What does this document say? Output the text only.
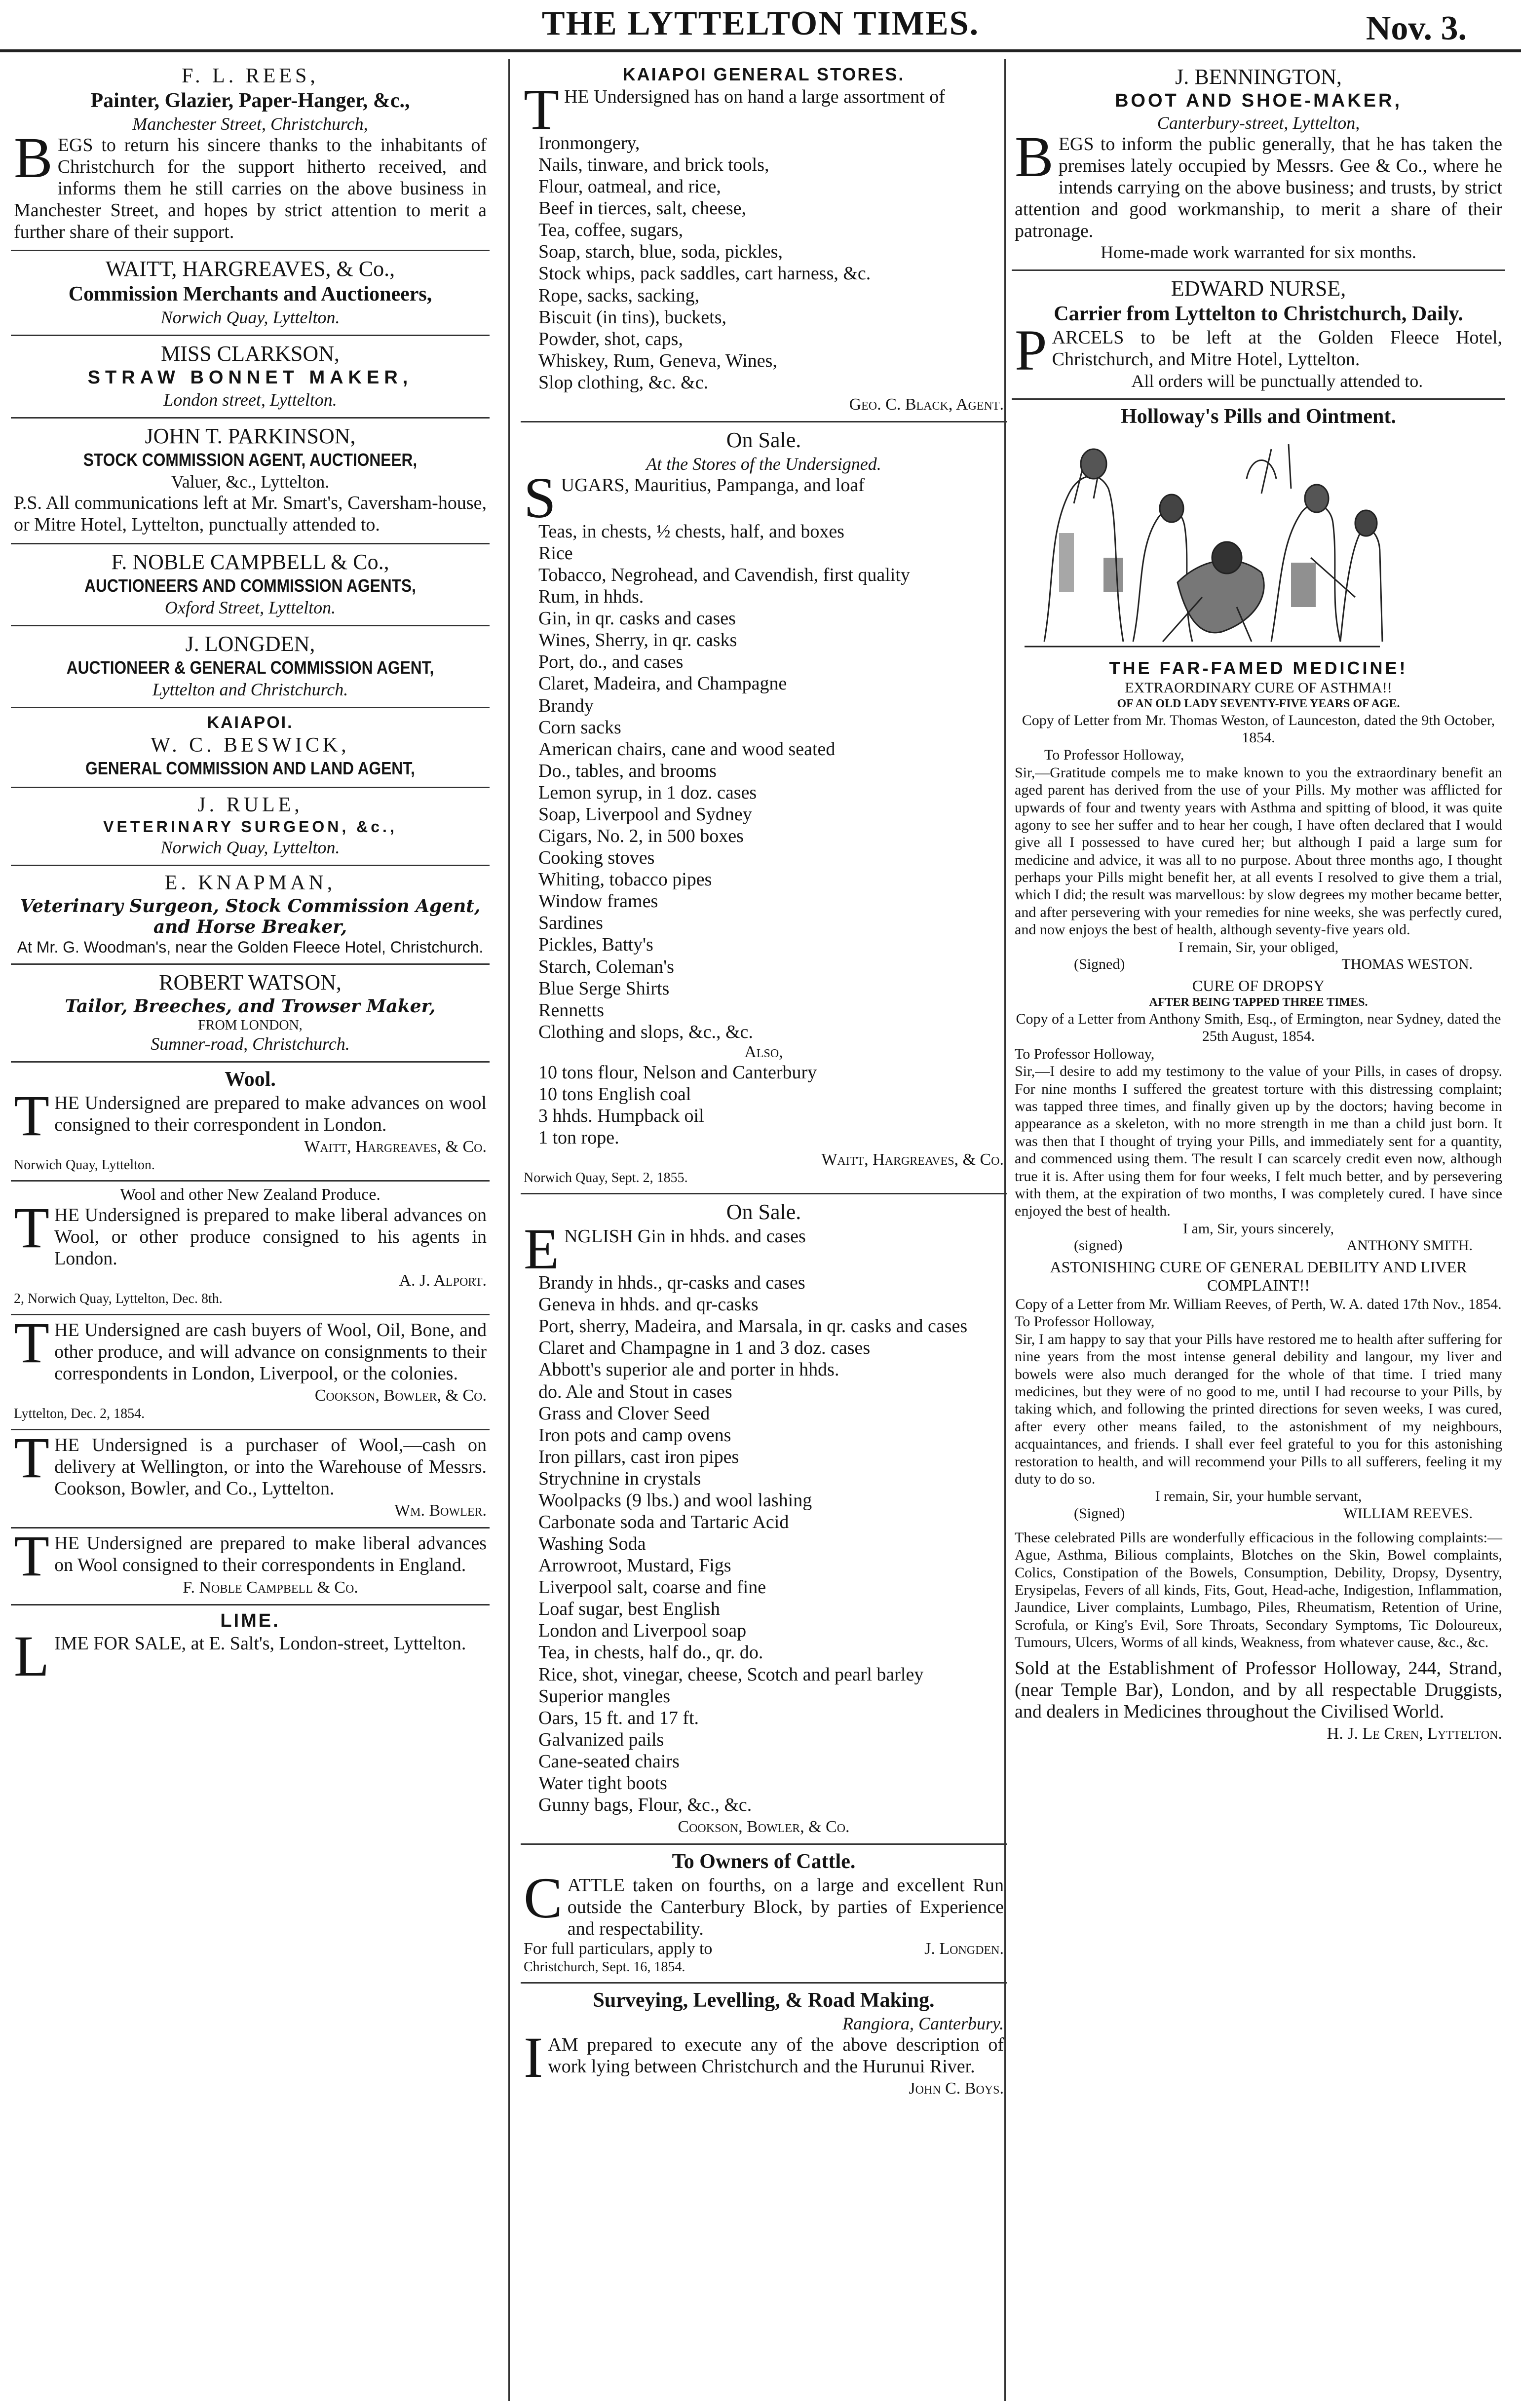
THE LYTTELTON TIMES.	Nov. 3.
F. L. REES,
Painter, Glazier, Paper-Hanger, &c.,
Manchester Street, Christchurch,

BEGS to return his sincere thanks to the inhabitants of Christchurch for the support hitherto received, and informs them he still carries on the above business in Manchester Street, and hopes by strict attention to merit a further share of their support.

WAITT, HARGREAVES, & Co.,
Commission Merchants and Auctioneers,
Norwich Quay, Lyttelton.
MISS CLARKSON,
STRAW BONNET MAKER,
London street, Lyttelton.
JOHN T. PARKINSON,
STOCK COMMISSION AGENT, AUCTIONEER,
Valuer, &c., Lyttelton.

P.S. All communications left at Mr. Smart's, Caversham-house, or Mitre Hotel, Lyttelton, punctually attended to.

F. NOBLE CAMPBELL & Co.,
AUCTIONEERS AND COMMISSION AGENTS,
Oxford Street, Lyttelton.
J. LONGDEN,
AUCTIONEER & GENERAL COMMISSION AGENT,
Lyttelton and Christchurch.
KAIAPOI.
W. C. BESWICK,
GENERAL COMMISSION AND LAND AGENT,
J. RULE,
VETERINARY SURGEON, &c.,
Norwich Quay, Lyttelton.
E. KNAPMAN,
Veterinary Surgeon, Stock Commission Agent, and Horse Breaker,
At Mr. G. Woodman's, near the Golden Fleece Hotel, Christchurch.
ROBERT WATSON,
Tailor, Breeches, and Trowser Maker,
FROM LONDON,
Sumner-road, Christchurch.
Wool.

THE Undersigned are prepared to make advances on wool consigned to their correspondent in London.

Waitt, Hargreaves, & Co.
Norwich Quay, Lyttelton.
Wool and other New Zealand Produce.

THE Undersigned is prepared to make liberal advances on Wool, or other produce consigned to his agents in London.

A. J. Alport.
2, Norwich Quay, Lyttelton, Dec. 8th.

THE Undersigned are cash buyers of Wool, Oil, Bone, and other produce, and will advance on consignments to their correspondents in London, Liverpool, or the colonies.

Cookson, Bowler, & Co.
Lyttelton, Dec. 2, 1854.

THE Undersigned is a purchaser of Wool,—cash on delivery at Wellington, or into the Warehouse of Messrs. Cookson, Bowler, and Co., Lyttelton.

Wm. Bowler.

THE Undersigned are prepared to make liberal advances on Wool consigned to their correspondents in England.

F. Noble Campbell & Co.
LIME.

LIME FOR SALE, at E. Salt's, London-street, Lyttelton.

KAIAPOI GENERAL STORES.

THE Undersigned has on hand a large assortment of

Ironmongery,
Nails, tinware, and brick tools,
Flour, oatmeal, and rice,
Beef in tierces, salt, cheese,
Tea, coffee, sugars,
Soap, starch, blue, soda, pickles,
Stock whips, pack saddles, cart harness, &c.
Rope, sacks, sacking,
Biscuit (in tins), buckets,
Powder, shot, caps,
Whiskey, Rum, Geneva, Wines,
Slop clothing, &c. &c.
Geo. C. Black, Agent.
On Sale.
At the Stores of the Undersigned.

SUGARS, Mauritius, Pampanga, and loaf

Teas, in chests, ½ chests, half, and boxes
Rice
Tobacco, Negrohead, and Cavendish, first quality
Rum, in hhds.
Gin, in qr. casks and cases
Wines, Sherry, in qr. casks
Port, do., and cases
Claret, Madeira, and Champagne
Brandy
Corn sacks
American chairs, cane and wood seated
Do., tables, and brooms
Lemon syrup, in 1 doz. cases
Soap, Liverpool and Sydney
Cigars, No. 2, in 500 boxes
Cooking stoves
Whiting, tobacco pipes
Window frames
Sardines
Pickles, Batty's
Starch, Coleman's
Blue Serge Shirts
Rennetts
Clothing and slops, &c., &c.
Also,
10 tons flour, Nelson and Canterbury
10 tons English coal
3 hhds. Humpback oil
1 ton rope.
Waitt, Hargreaves, & Co.
Norwich Quay, Sept. 2, 1855.
On Sale.

ENGLISH Gin in hhds. and cases

Brandy in hhds., qr-casks and cases
Geneva in hhds. and qr-casks
Port, sherry, Madeira, and Marsala, in qr. casks and cases
Claret and Champagne in 1 and 3 doz. cases
Abbott's superior ale and porter in hhds.
do. Ale and Stout in cases
Grass and Clover Seed
Iron pots and camp ovens
Iron pillars, cast iron pipes
Strychnine in crystals
Woolpacks (9 lbs.) and wool lashing
Carbonate soda and Tartaric Acid
Washing Soda
Arrowroot, Mustard, Figs
Liverpool salt, coarse and fine
Loaf sugar, best English
London and Liverpool soap
Tea, in chests, half do., qr. do.
Rice, shot, vinegar, cheese, Scotch and pearl barley
Superior mangles
Oars, 15 ft. and 17 ft.
Galvanized pails
Cane-seated chairs
Water tight boots
Gunny bags, Flour, &c., &c.
Cookson, Bowler, & Co.
To Owners of Cattle.

CATTLE taken on fourths, on a large and excellent Run outside the Canterbury Block, by parties of Experience and respectability.

For full particulars, apply to	J. Longden.
Christchurch, Sept. 16, 1854.
Surveying, Levelling, & Road Making.
Rangiora, Canterbury.

IAM prepared to execute any of the above description of work lying between Christchurch and the Hurunui River.

John C. Boys.
J. BENNINGTON,
BOOT AND SHOE-MAKER,
Canterbury-street, Lyttelton,

BEGS to inform the public generally, that he has taken the premises lately occupied by Messrs. Gee & Co., where he intends carrying on the above business; and trusts, by strict attention and good workmanship, to merit a share of their patronage.

Home-made work warranted for six months.
EDWARD NURSE,
Carrier from Lyttelton to Christchurch, Daily.

PARCELS to be left at the Golden Fleece Hotel, Christchurch, and Mitre Hotel, Lyttelton.

All orders will be punctually attended to.
Holloway's Pills and Ointment.
THE FAR-FAMED MEDICINE!
EXTRAORDINARY CURE OF ASTHMA!!
OF AN OLD LADY SEVENTY-FIVE YEARS OF AGE.

Copy of Letter from Mr. Thomas Weston, of Launceston, dated the 9th October, 1854.

To Professor Holloway,

Sir,—Gratitude compels me to make known to you the extraordinary benefit an aged parent has derived from the use of your Pills. My mother was afflicted for upwards of four and twenty years with Asthma and spitting of blood, it was quite agony to see her suffer and to hear her cough, I have often declared that I would give all I possessed to have cured her; but although I paid a large sum for medicine and advice, it was all to no purpose. About three months ago, I thought perhaps your Pills might benefit her, at all events I resolved to give them a trial, which I did; the result was marvellous: by slow degrees my mother became better, and after persevering with your remedies for nine weeks, she was perfectly cured, and now enjoys the best of health, although seventy-five years old.

I remain, Sir, your obliged,

(Signed)	THOMAS WESTON.
CURE OF DROPSY
AFTER BEING TAPPED THREE TIMES.

Copy of a Letter from Anthony Smith, Esq., of Ermington, near Sydney, dated the 25th August, 1854.

To Professor Holloway,

Sir,—I desire to add my testimony to the value of your Pills, in cases of dropsy. For nine months I suffered the greatest torture with this distressing complaint; was tapped three times, and finally given up by the doctors; having become in appearance as a skeleton, with no more strength in me than a child just born. It was then that I thought of trying your Pills, and immediately sent for a quantity, and commenced using them. The result I can scarcely credit even now, although true it is. After using them for four weeks, I felt much better, and by persevering with them, at the expiration of two months, I was completely cured. I have since enjoyed the best of health.

I am, Sir, yours sincerely,

(signed)	ANTHONY SMITH.
ASTONISHING CURE OF GENERAL DEBILITY AND LIVER COMPLAINT!!

Copy of a Letter from Mr. William Reeves, of Perth, W. A. dated 17th Nov., 1854.

To Professor Holloway,

Sir, I am happy to say that your Pills have restored me to health after suffering for nine years from the most intense general debility and langour, my liver and bowels were also much deranged for the whole of that time. I tried many medicines, but they were of no good to me, until I had recourse to your Pills, by taking which, and following the printed directions for seven weeks, I was cured, after every other means failed, to the astonishment of my neighbours, acquaintances, and friends. I shall ever feel grateful to you for this astonishing restoration to health, and will recommend your Pills to all sufferers, feeling it my duty to do so.

I remain, Sir, your humble servant,

(Signed)	WILLIAM REEVES.

These celebrated Pills are wonderfully efficacious in the following complaints:— Ague, Asthma, Bilious complaints, Blotches on the Skin, Bowel complaints, Colics, Constipation of the Bowels, Consumption, Debility, Dropsy, Dysentry, Erysipelas, Fevers of all kinds, Fits, Gout, Head-ache, Indigestion, Inflammation, Jaundice, Liver complaints, Lumbago, Piles, Rheumatism, Retention of Urine, Scrofula, or King's Evil, Sore Throats, Secondary Symptoms, Tic Doloureux, Tumours, Ulcers, Worms of all kinds, Weakness, from whatever cause, &c., &c.

Sold at the Establishment of Professor Holloway, 244, Strand, (near Temple Bar), London, and by all respectable Druggists, and dealers in Medicines throughout the Civilised World.

H. J. Le Cren, Lyttelton.
